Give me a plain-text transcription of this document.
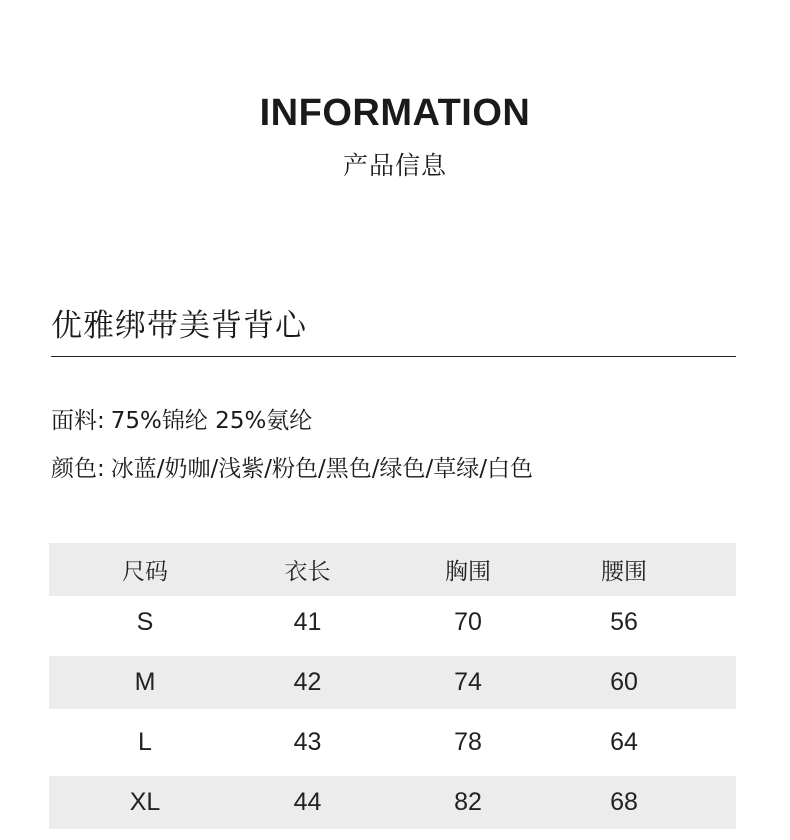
INFORMATION
产品信息
优雅绑带美背背心
面料: 75%锦纶 25%氨纶
颜色: 冰蓝/奶咖/浅紫/粉色/黑色/绿色/草绿/白色
尺码	衣长	胸围	腰围	
S	41	70	56	

M	42	74	60	

L	43	78	64	

XL	44	82	68	
